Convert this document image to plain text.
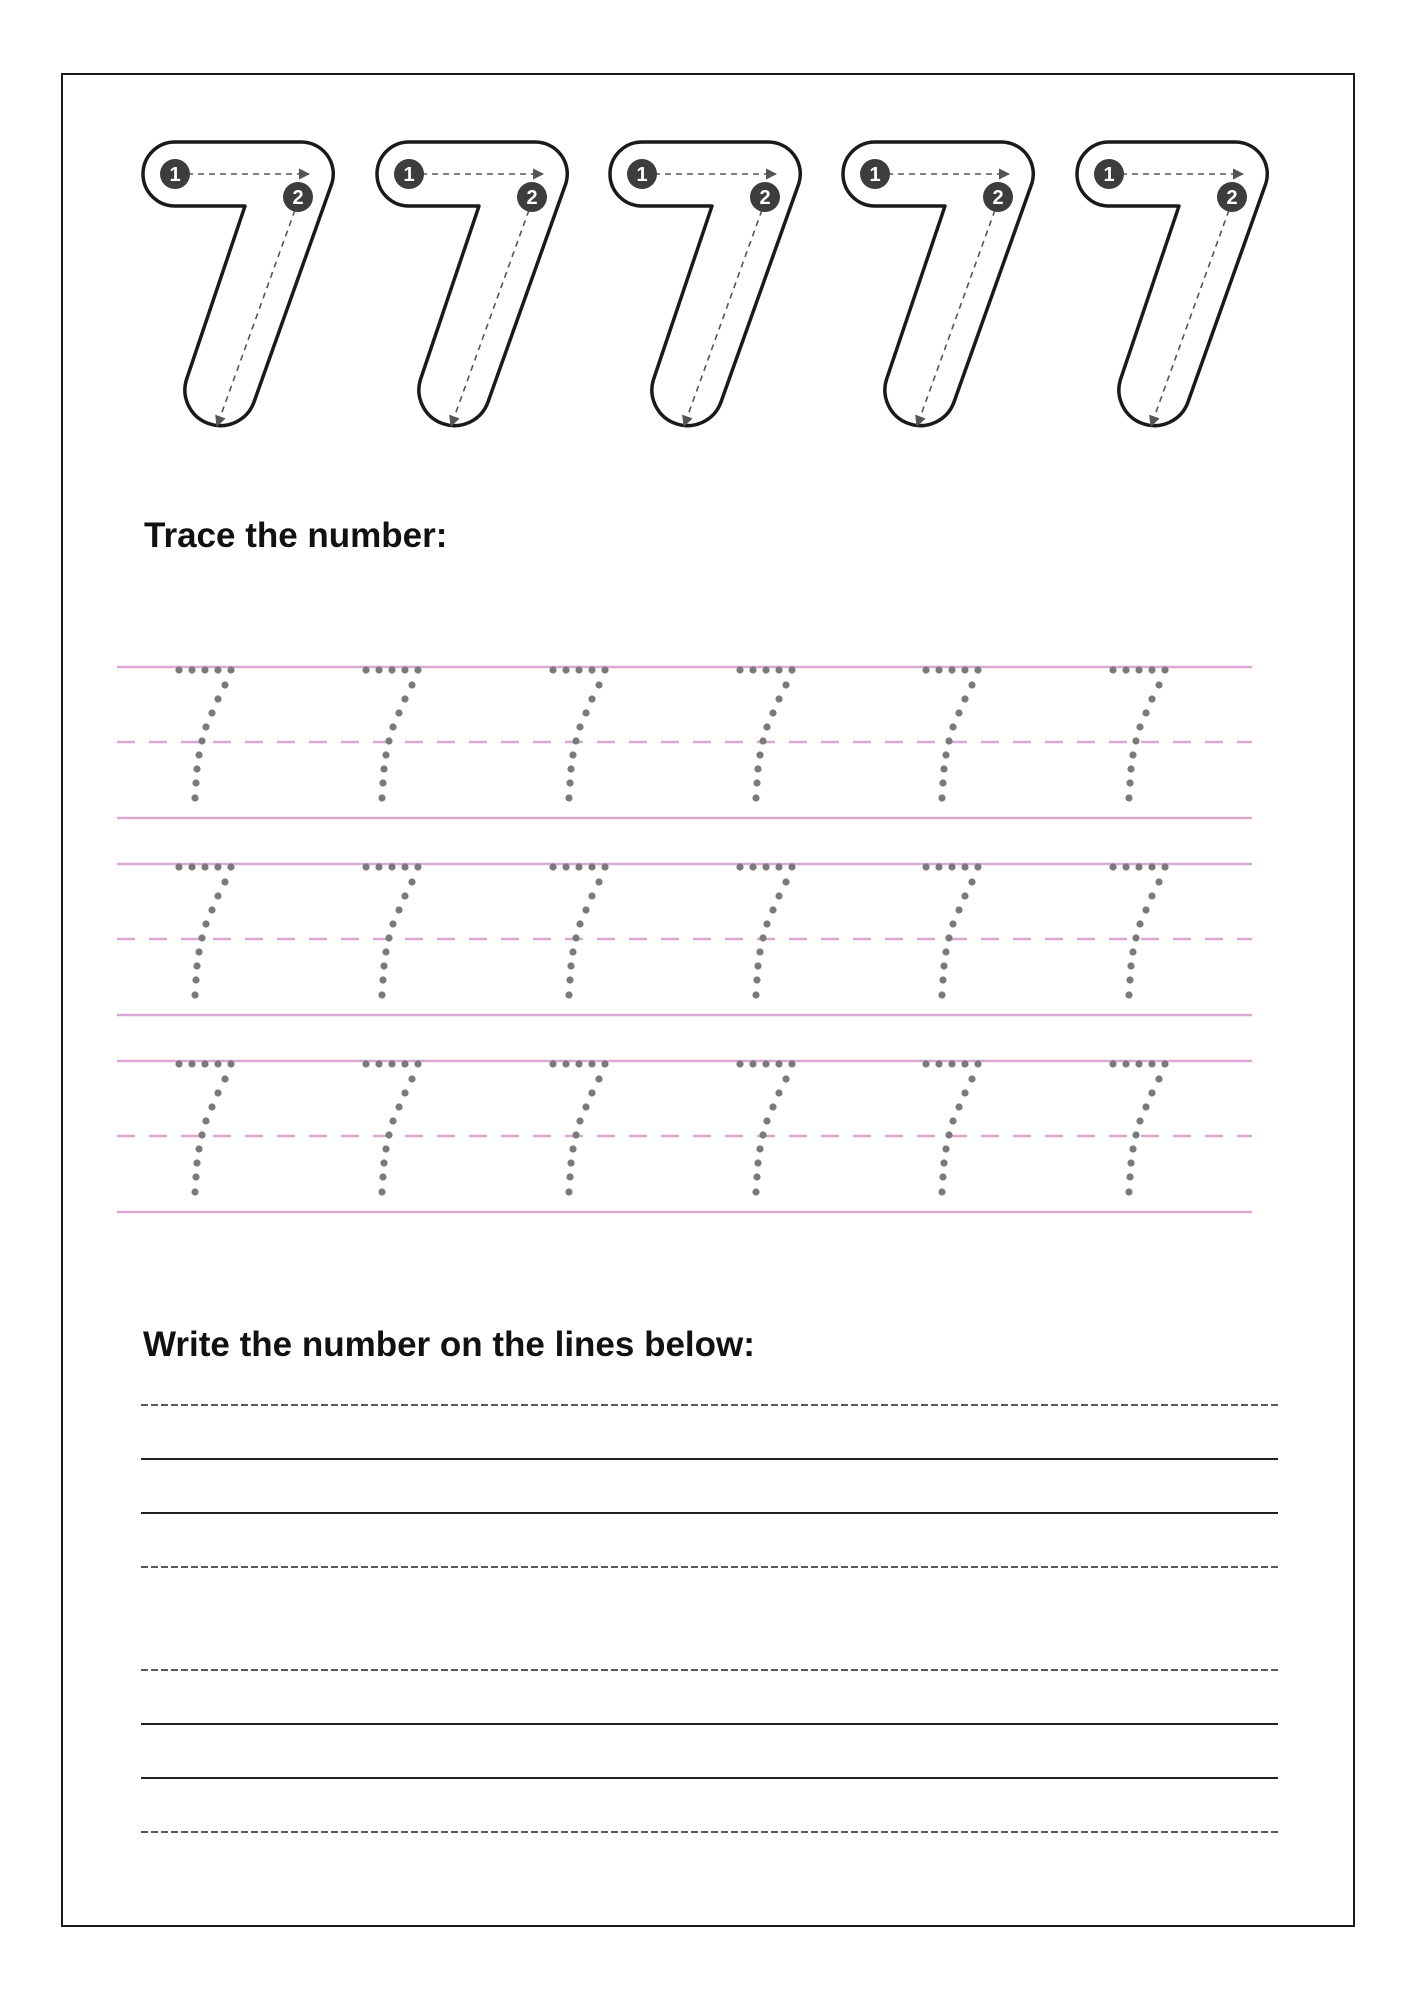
1
2
1
2
1
2
1
2
1
2
Trace the number:
Write the number on the lines below:
